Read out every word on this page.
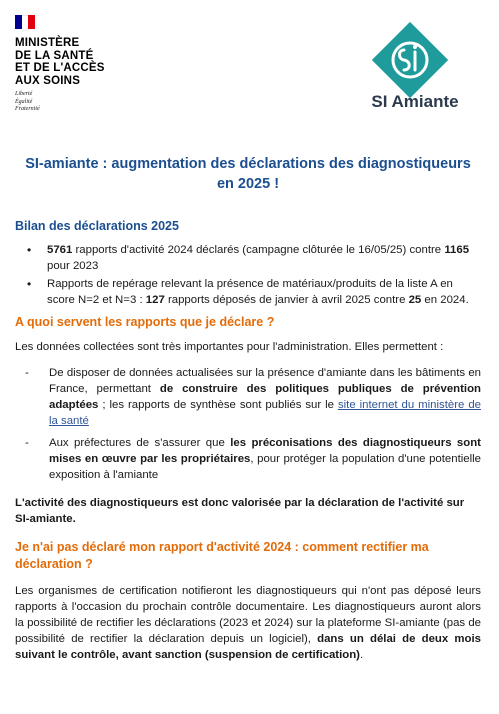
MINISTÈRE
DE LA SANTÉ
ET DE L'ACCÈS
AUX SOINS
Liberté
Égalité
Fraternité	SI Amiante
SI-amiante : augmentation des déclarations des diagnostiqueurs en 2025 !
Bilan des déclarations 2025
• 5761 rapports d'activité 2024 déclarés (campagne clôturée le 16/05/25) contre 1165 pour 2023
• Rapports de repérage relevant la présence de matériaux/produits de la liste A en score N=2 et N=3 : 127 rapports déposés de janvier à avril 2025 contre 25 en 2024.
A quoi servent les rapports que je déclare ?

Les données collectées sont très importantes pour l'administration. Elles permettent :

- De disposer de données actualisées sur la présence d'amiante dans les bâtiments en France, permettant de construire des politiques publiques de prévention adaptées ; les rapports de synthèse sont publiés sur le site internet du ministère de la santé
- Aux préfectures de s'assurer que les préconisations des diagnostiqueurs sont mises en œuvre par les propriétaires, pour protéger la population d'une potentielle exposition à l'amiante

L'activité des diagnostiqueurs est donc valorisée par la déclaration de l'activité sur SI-amiante.

Je n'ai pas déclaré mon rapport d'activité 2024 : comment rectifier ma déclaration ?

Les organismes de certification notifieront les diagnostiqueurs qui n'ont pas déposé leurs rapports à l'occasion du prochain contrôle documentaire. Les diagnostiqueurs auront alors la possibilité de rectifier les déclarations (2023 et 2024) sur la plateforme SI-amiante (pas de possibilité de rectifier la déclaration depuis un logiciel), dans un délai de deux mois suivant le contrôle, avant sanction (suspension de certification).
